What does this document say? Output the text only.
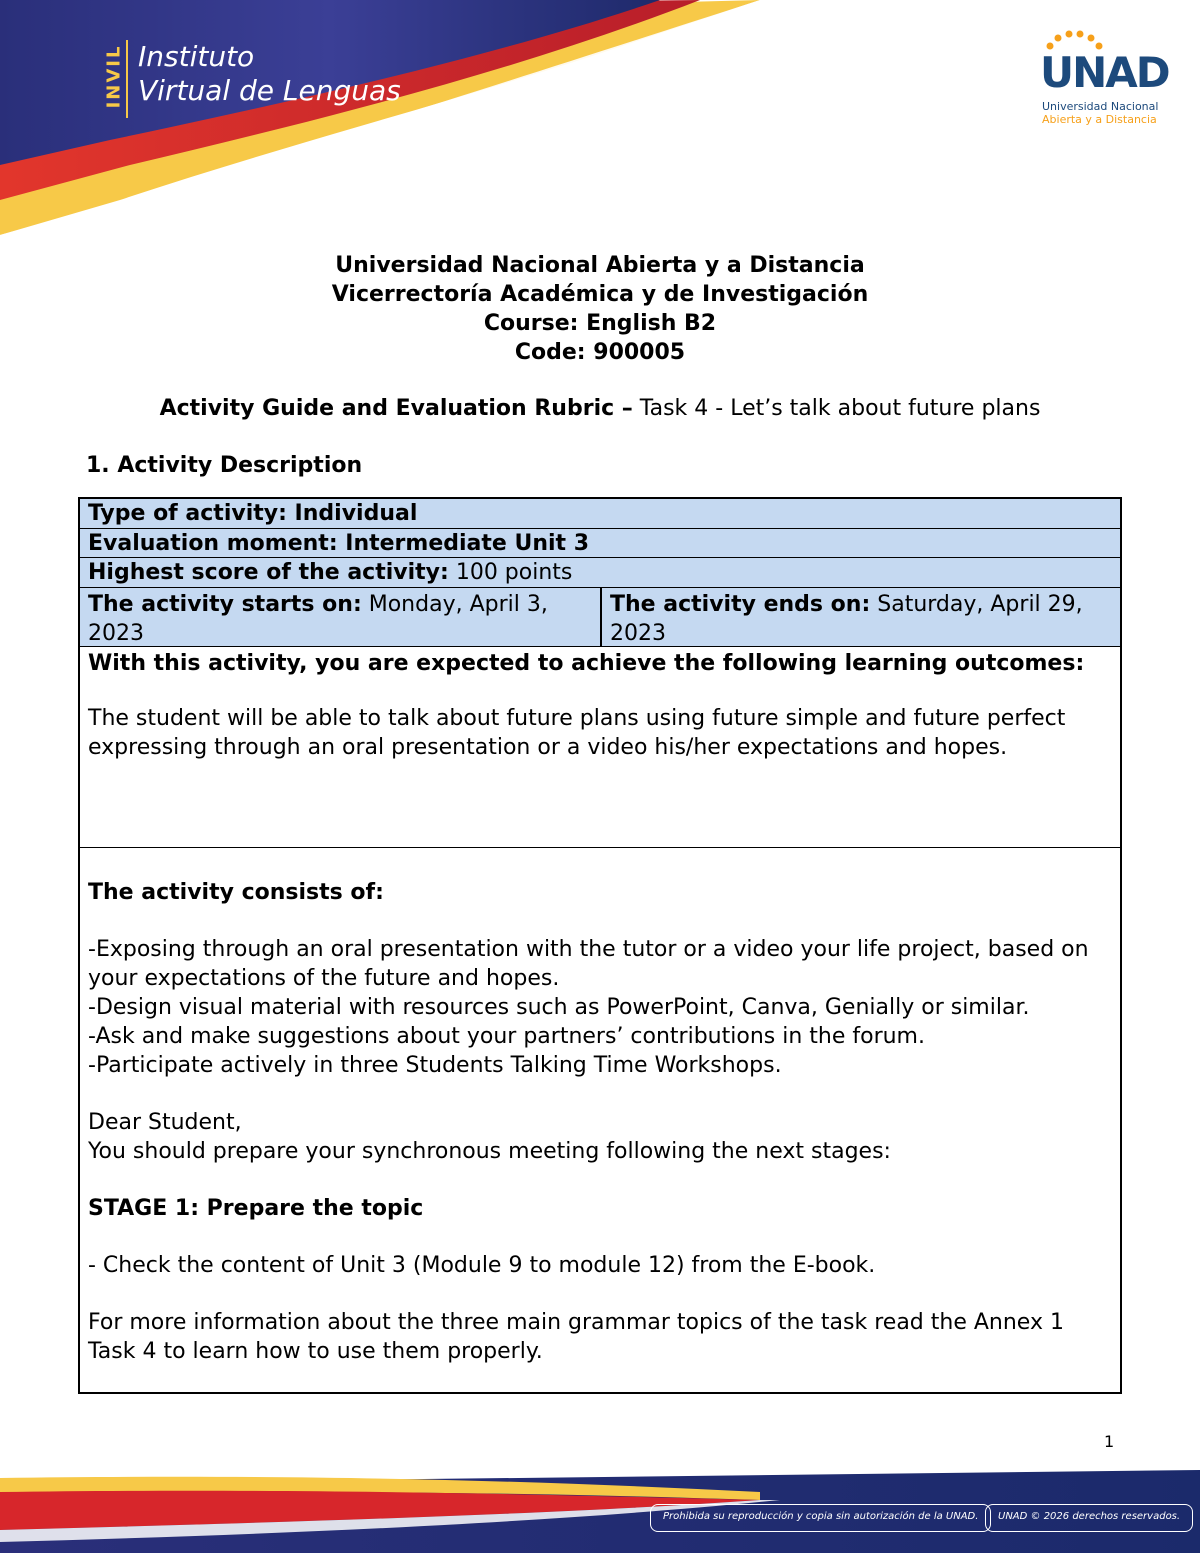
INVIL Instituto
Virtual de Lenguas	UNAD
Universidad Nacional
Abierta y a Distancia
Universidad Nacional Abierta y a Distancia
Vicerrectoría Académica y de Investigación
Course: English B2
Code: 900005
Activity Guide and Evaluation Rubric – Task 4 - Let’s talk about future plans
1. Activity Description
Type of activity: Individual
Evaluation moment: Intermediate Unit 3
Highest score of the activity: 100 points
The activity starts on: Monday, April 3, 2023
The activity ends on: Saturday, April 29, 2023

With this activity, you are expected to achieve the following learning outcomes:

The student will be able to talk about future plans using future simple and future perfect expressing through an oral presentation or a video his/her expectations and hopes.

The activity consists of:

-Exposing through an oral presentation with the tutor or a video your life project, based on your expectations of the future and hopes.

-Design visual material with resources such as PowerPoint, Canva, Genially or similar.

-Ask and make suggestions about your partners’ contributions in the forum.

-Participate actively in three Students Talking Time Workshops.

Dear Student,

You should prepare your synchronous meeting following the next stages:

STAGE 1: Prepare the topic

- Check the content of Unit 3 (Module 9 to module 12) from the E-book.

For more information about the three main grammar topics of the task read the Annex 1 Task 4 to learn how to use them properly.

1
Prohibida su reproducción y copia sin autorización de la UNAD.	UNAD © 2026 derechos reservados.
